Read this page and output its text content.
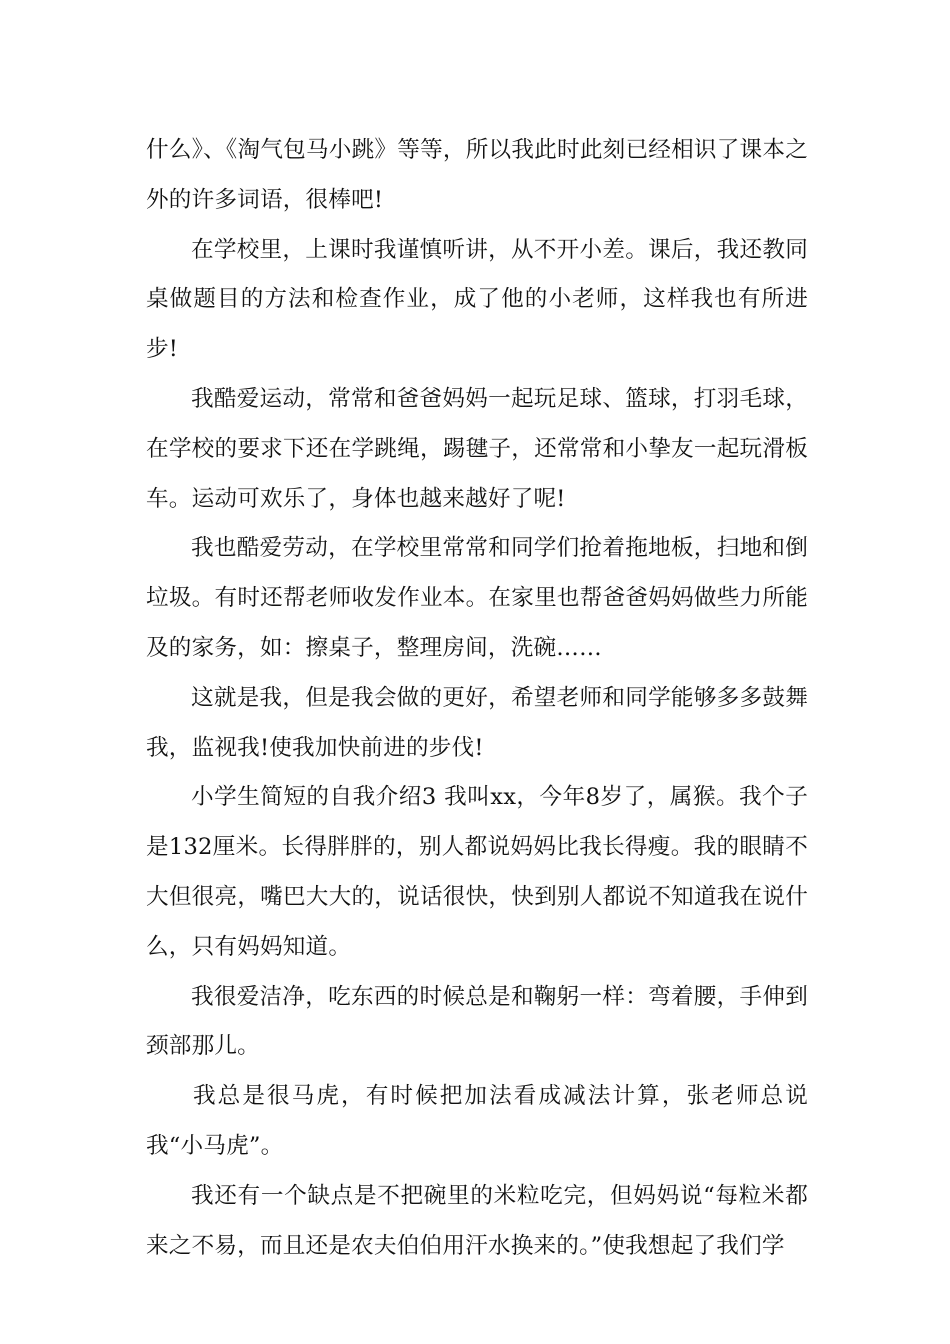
什么》、《淘气包马小跳》等等，所以我此时此刻已经相识了课本之外的许多词语，很棒吧!

在学校里，上课时我谨慎听讲，从不开小差。课后，我还教同桌做题目的方法和检查作业，成了他的小老师，这样我也有所进步!

我酷爱运动，常常和爸爸妈妈一起玩足球、篮球，打羽毛球，在学校的要求下还在学跳绳，踢毽子，还常常和小挚友一起玩滑板车。运动可欢乐了，身体也越来越好了呢!

我也酷爱劳动，在学校里常常和同学们抢着拖地板，扫地和倒垃圾。有时还帮老师收发作业本。在家里也帮爸爸妈妈做些力所能及的家务，如：擦桌子，整理房间，洗碗……

这就是我，但是我会做的更好，希望老师和同学能够多多鼓舞我，监视我!使我加快前进的步伐!

小学生简短的自我介绍3 我叫xx，今年8岁了，属猴。我个子是132厘米。长得胖胖的，别人都说妈妈比我长得瘦。我的眼睛不大但很亮，嘴巴大大的，说话很快，快到别人都说不知道我在说什么，只有妈妈知道。

我很爱洁净，吃东西的时候总是和鞠躬一样：弯着腰，手伸到颈部那儿。

我总是很马虎，有时候把加法看成减法计算，张老师总说我“小马虎”。

我还有一个缺点是不把碗里的米粒吃完，但妈妈说“每粒米都来之不易，而且还是农夫伯伯用汗水换来的。”使我想起了我们学
